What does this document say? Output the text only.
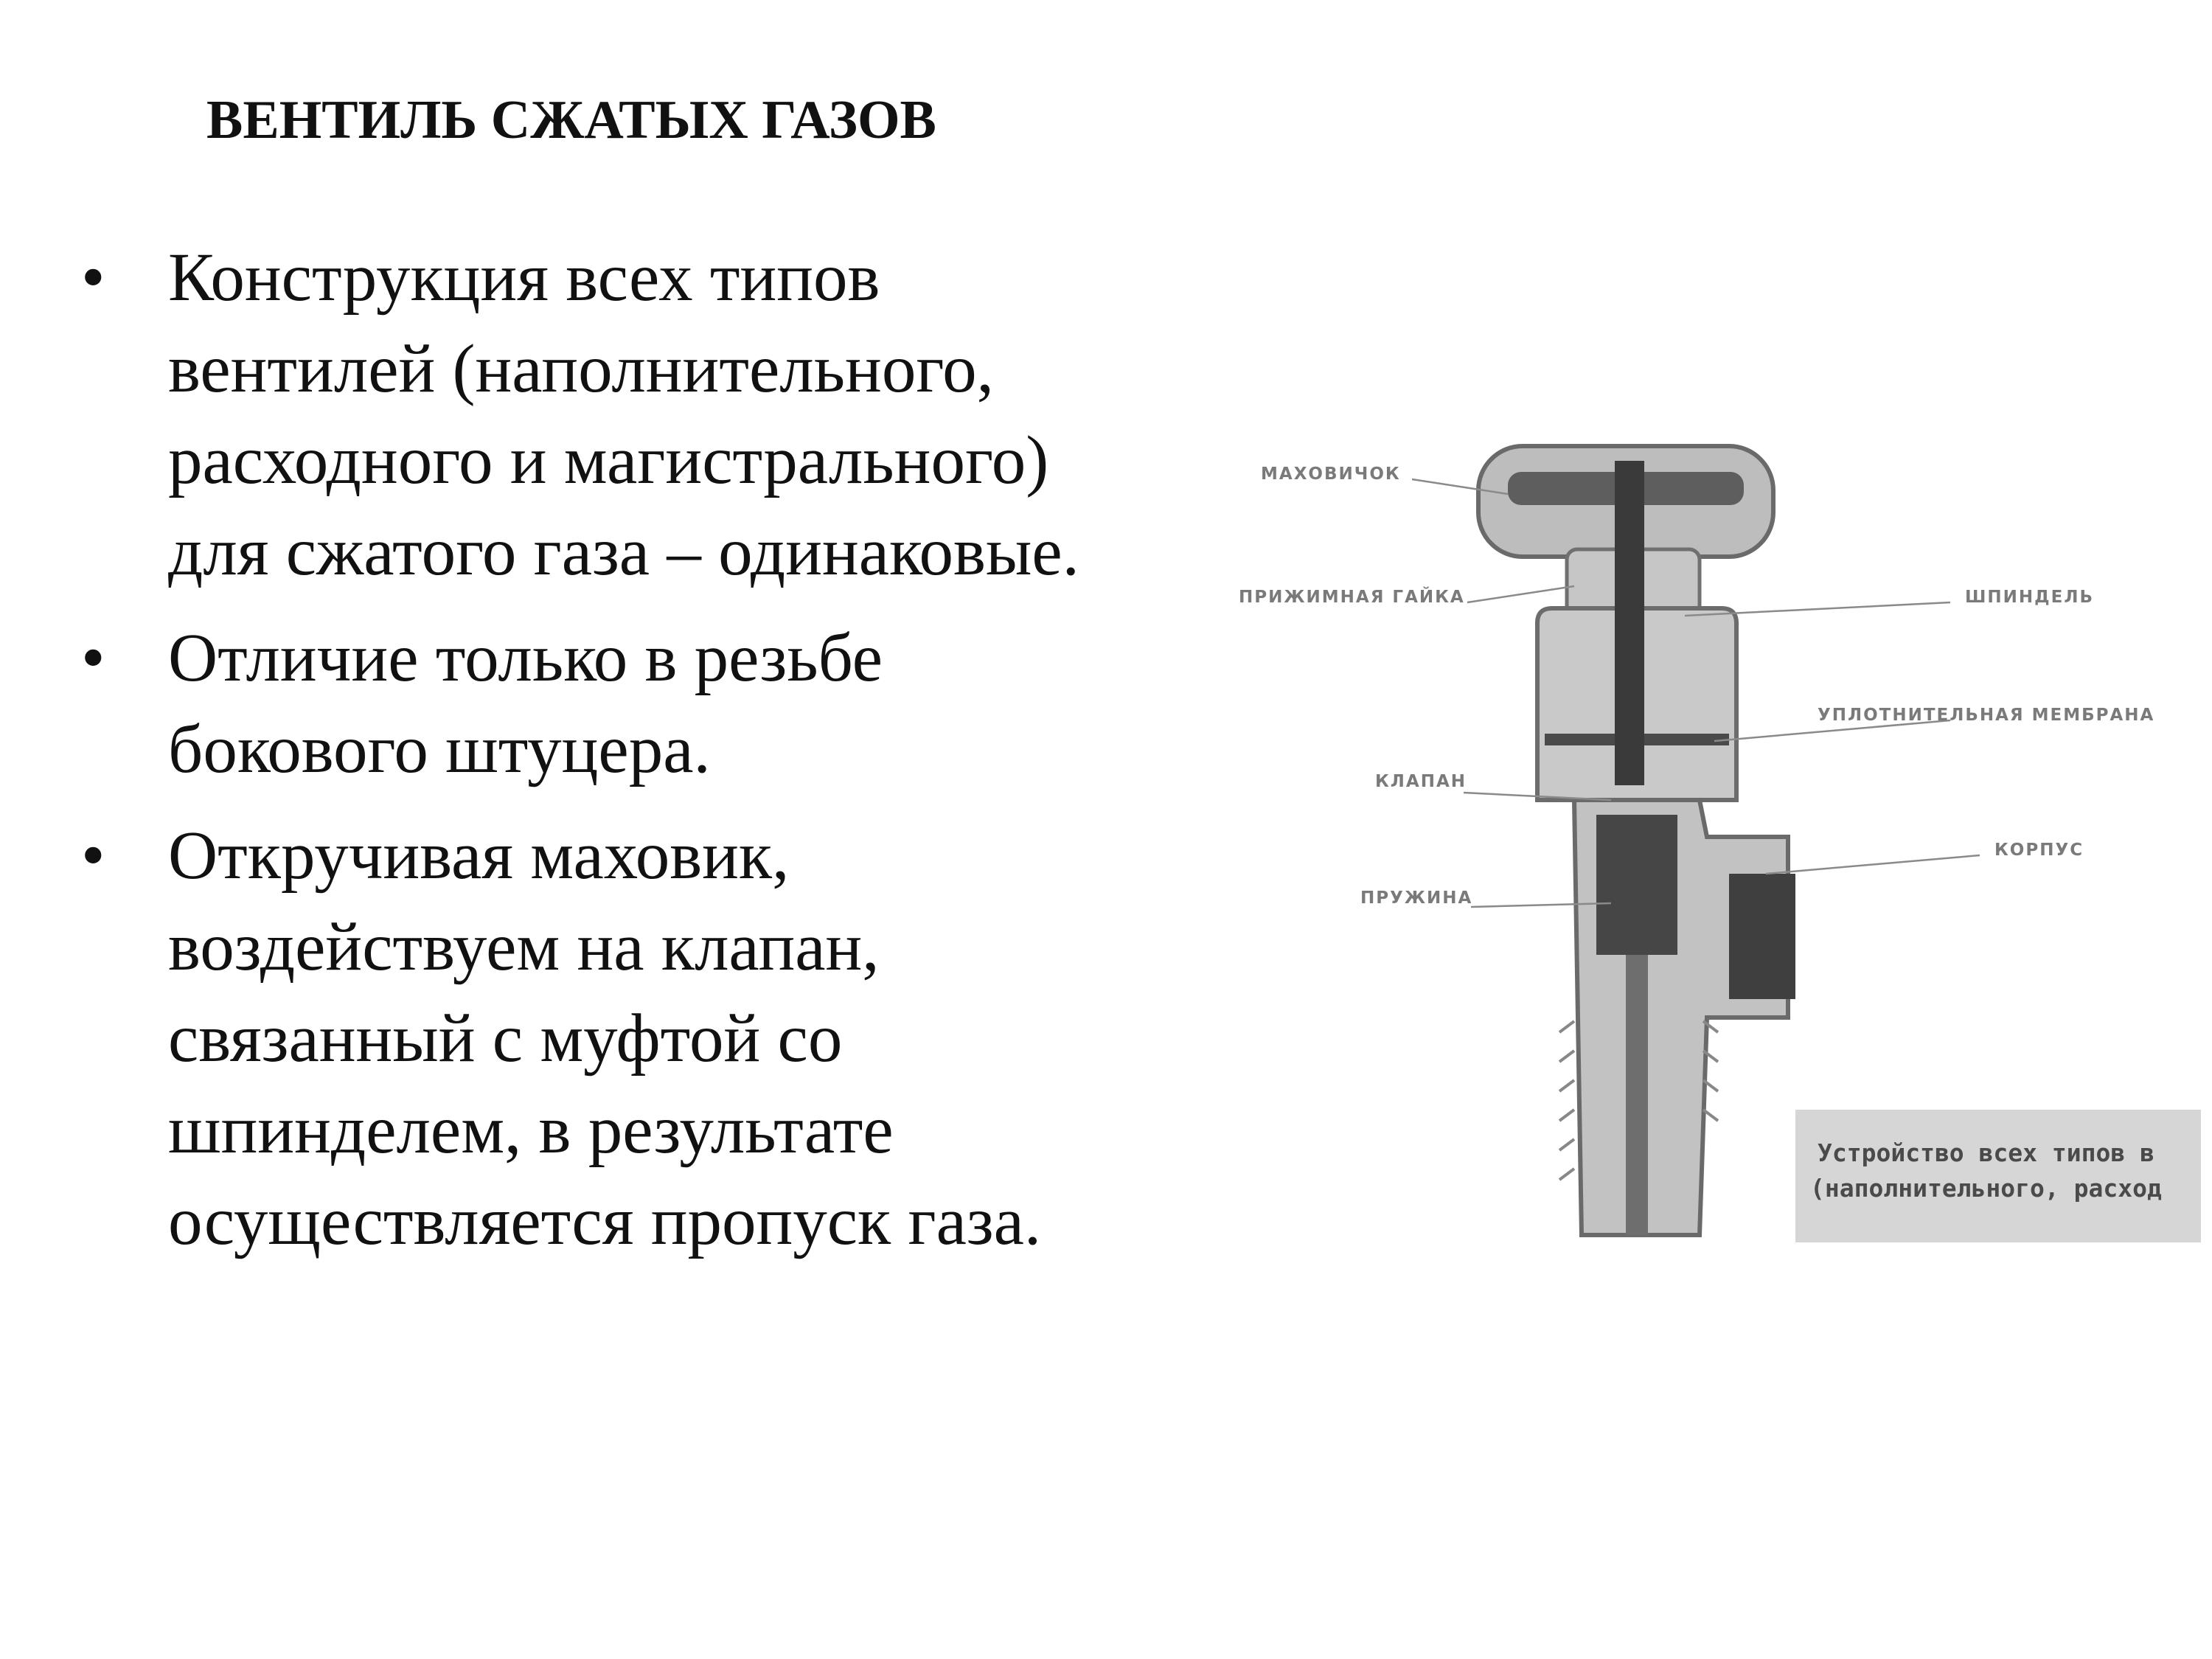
ВЕНТИЛЬ СЖАТЫХ ГАЗОВ
• Конструкция всех типов
вентилей (наполнительного,
расходного и магистрального)
для сжатого газа – одинаковые.
• Отличие только в резьбе
бокового штуцера.
• Откручивая маховик,
воздействуем на клапан,
связанный с муфтой со
шпинделем, в результате
осуществляется пропуск газа.
МАХОВИЧОК
ПРИЖИМНАЯ ГАЙКА	ШПИНДЕЛЬ
УПЛОТНИТЕЛЬНАЯ МЕМБРАНА
КЛАПАН
КОРПУС
ПРУЖИНА
Устройство всех типов в
(наполнительного, расход
